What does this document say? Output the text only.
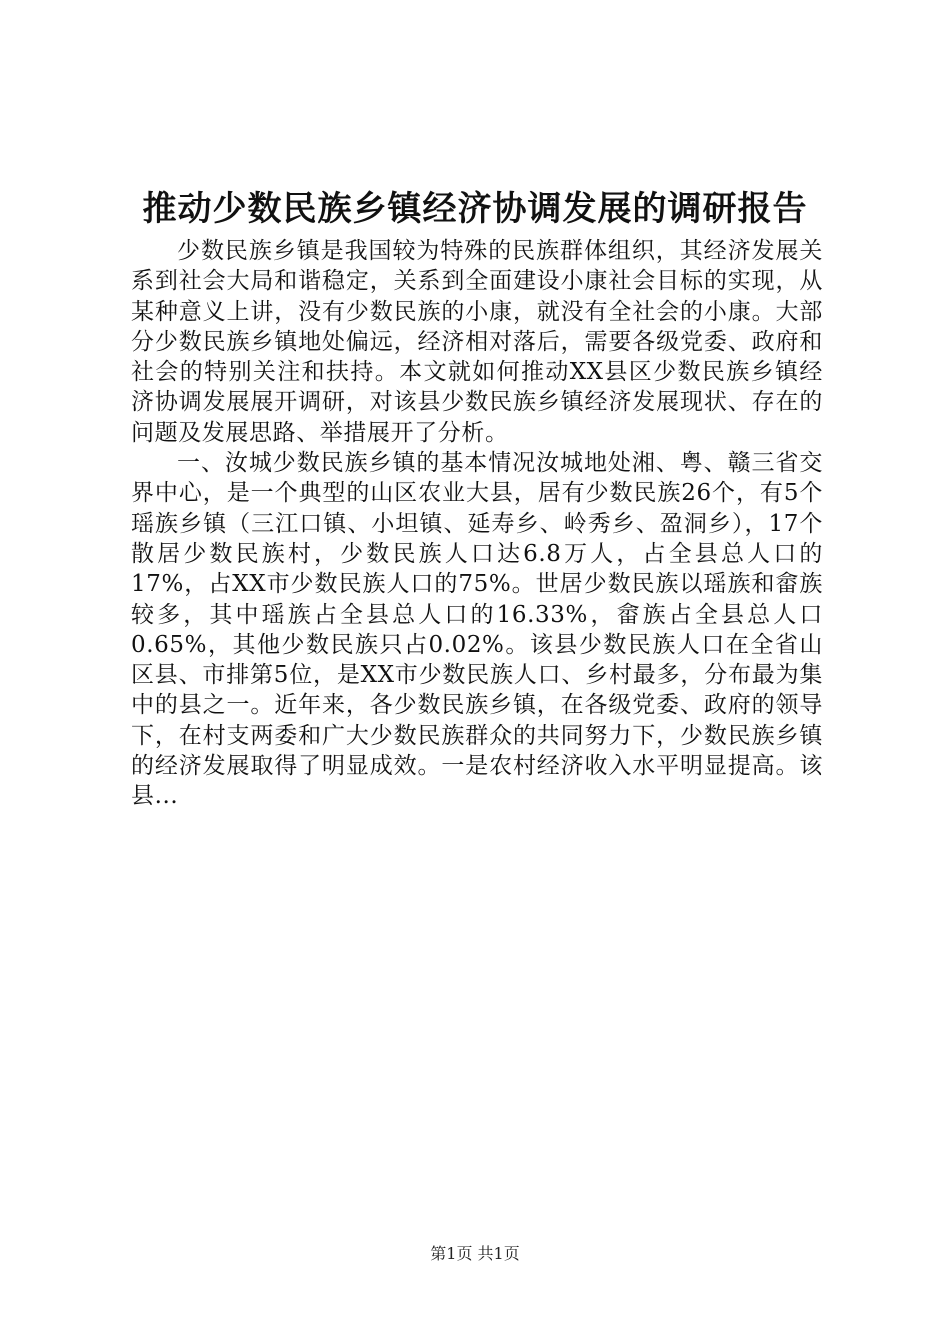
推动少数民族乡镇经济协调发展的调研报告

少数民族乡镇是我国较为特殊的民族群体组织，其经济发展关系到社会大局和谐稳定，关系到全面建设小康社会目标的实现，从某种意义上讲，没有少数民族的小康，就没有全社会的小康。大部分少数民族乡镇地处偏远，经济相对落后，需要各级党委、政府和社会的特别关注和扶持。本文就如何推动XX县区少数民族乡镇经济协调发展展开调研，对该县少数民族乡镇经济发展现状、存在的问题及发展思路、举措展开了分析。

一、汝城少数民族乡镇的基本情况汝城地处湘、粤、赣三省交界中心，是一个典型的山区农业大县，居有少数民族26个，有5个瑶族乡镇（三江口镇、小坦镇、延寿乡、岭秀乡、盈洞乡），17个散居少数民族村，少数民族人口达6.8万人，占全县总人口的17%，占XX市少数民族人口的75%。世居少数民族以瑶族和畲族较多，其中瑶族占全县总人口的16.33%，畲族占全县总人口0.65%，其他少数民族只占0.02%。该县少数民族人口在全省山区县、市排第5位，是XX市少数民族人口、乡村最多，分布最为集中的县之一。近年来，各少数民族乡镇，在各级党委、政府的领导下，在村支两委和广大少数民族群众的共同努力下，少数民族乡镇的经济发展取得了明显成效。一是农村经济收入水平明显提高。该县...

第1页 共1页
